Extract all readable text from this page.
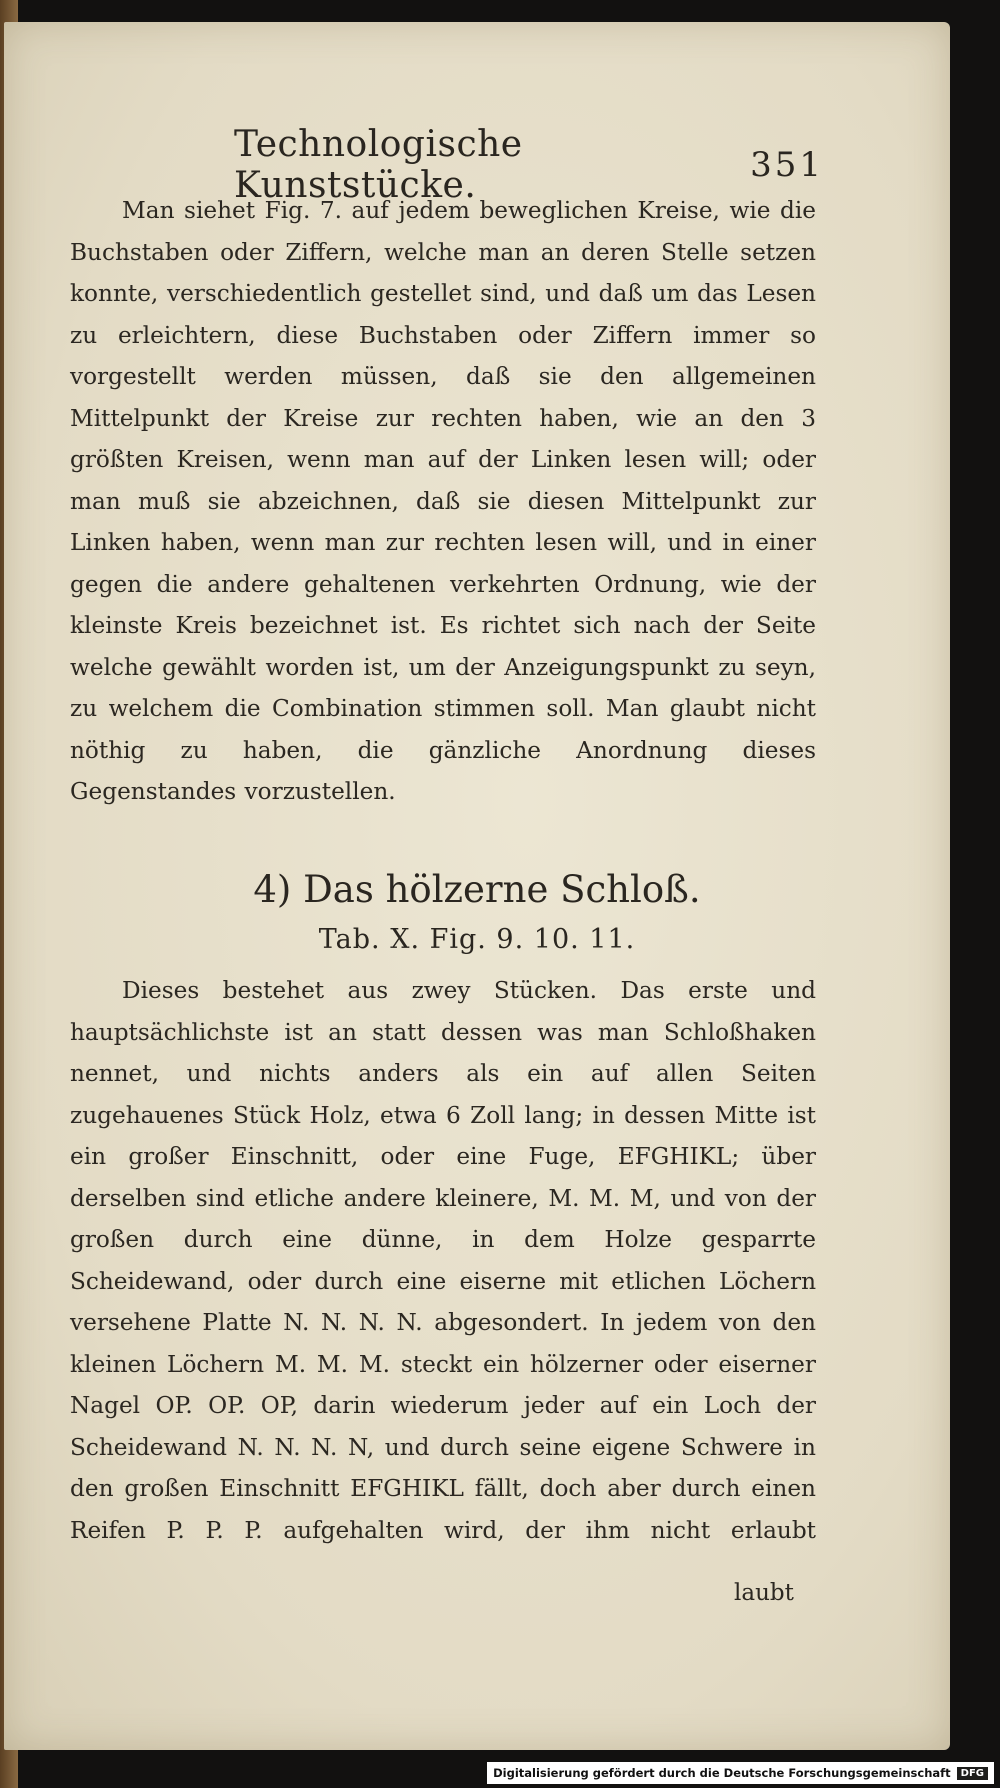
Technologische Kunststücke.	351

Man siehet Fig. 7. auf jedem beweglichen Kreise, wie die Buchstaben oder Ziffern, welche man an deren Stelle setzen konnte, verschiedentlich gestellet sind, und daß um das Lesen zu erleichtern, diese Buchstaben oder Ziffern immer so vorgestellt werden müssen, daß sie den allgemeinen Mittelpunkt der Kreise zur rechten haben, wie an den 3 größten Kreisen, wenn man auf der Linken lesen will; oder man muß sie abzeichnen, daß sie diesen Mittelpunkt zur Linken haben, wenn man zur rechten lesen will, und in einer gegen die andere gehaltenen verkehrten Ordnung, wie der kleinste Kreis bezeichnet ist. Es richtet sich nach der Seite welche gewählt worden ist, um der Anzeigungspunkt zu seyn, zu welchem die Combination stimmen soll. Man glaubt nicht nöthig zu haben, die gänzliche Anordnung dieses Gegenstandes vorzustellen.

4) Das hölzerne Schloß.
Tab. X. Fig. 9. 10. 11.

Dieses bestehet aus zwey Stücken. Das erste und hauptsächlichste ist an statt dessen was man Schloßhaken nennet, und nichts anders als ein auf allen Seiten zugehauenes Stück Holz, etwa 6 Zoll lang; in dessen Mitte ist ein großer Einschnitt, oder eine Fuge, EFGHIKL; über derselben sind etliche andere kleinere, M. M. M, und von der großen durch eine dünne, in dem Holze gesparrte Scheidewand, oder durch eine eiserne mit etlichen Löchern versehene Platte N. N. N. N. abgesondert. In jedem von den kleinen Löchern M. M. M. steckt ein hölzerner oder eiserner Nagel OP. OP. OP, darin wiederum jeder auf ein Loch der Scheidewand N. N. N. N, und durch seine eigene Schwere in den großen Einschnitt EFGHIKL fällt, doch aber durch einen Reifen P. P. P. aufgehalten wird, der ihm nicht erlaubt

laubt
Digitalisierung gefördert durch die Deutsche Forschungsgemeinschaft	DFG
